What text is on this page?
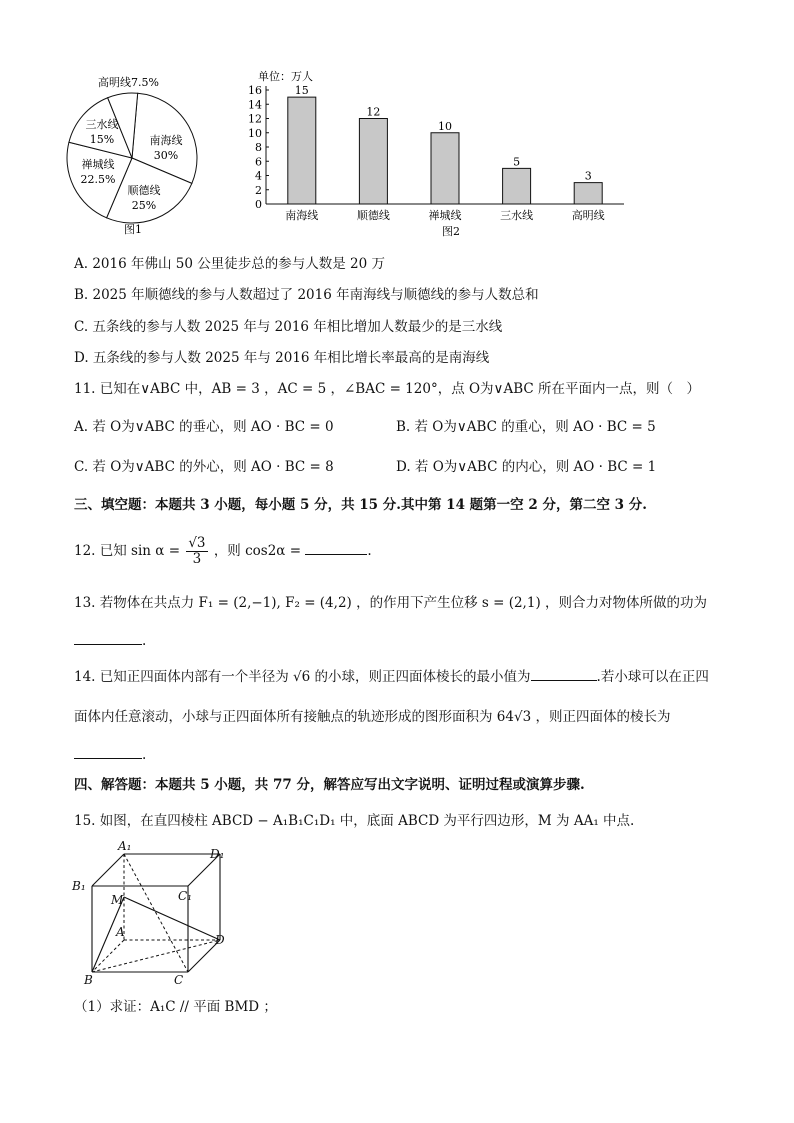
高明线7.5%
南海线
30%
三水线
15%
禅城线
22.5%
顺德线
25%
图1
单位：万人
0
2
4
6
8
10
12
14
16	15
南海线
12
顺德线
10
禅城线
5
三水线
3
高明线
图2
A. 2016 年佛山 50 公里徒步总的参与人数是 20 万
B. 2025 年顺德线的参与人数超过了 2016 年南海线与顺德线的参与人数总和
C. 五条线的参与人数 2025 年与 2016 年相比增加人数最少的是三水线
D. 五条线的参与人数 2025 年与 2016 年相比增长率最高的是南海线
11. 已知在∨ABC 中，AB = 3 ，AC = 5 ，∠BAC = 120°，点 O为∨ABC 所在平面内一点，则（　）
A. 若 O为∨ABC 的垂心，则 AO · BC = 0	B. 若 O为∨ABC 的重心，则 AO · BC = 5
C. 若 O为∨ABC 的外心，则 AO · BC = 8	D. 若 O为∨ABC 的内心，则 AO · BC = 1
三、填空题：本题共 3 小题，每小题 5 分，共 15 分.其中第 14 题第一空 2 分，第二空 3 分.
12. 已知 $\sin \alpha = \frac{√3}{3}$ ，则 cos2α =	.
13. 若物体在共点力 F₁ = (2,−1), F₂ = (4,2) ，的作用下产生位移 s = (2,1) ，则合力对物体所做的功为
.
14. 已知正四面体内部有一个半径为 √6 的小球，则正四面体棱长的最小值为	.若小球可以在正四
面体内任意滚动，小球与正四面体所有接触点的轨迹形成的图形面积为 64√3 ，则正四面体的棱长为
.
四、解答题：本题共 5 小题，共 77 分，解答应写出文字说明、证明过程或演算步骤.
15. 如图，在直四棱柱 ABCD − A₁B₁C₁D₁ 中，底面 ABCD 为平行四边形，M 为 AA₁ 中点.
A₁
D₁
B₁
C₁
M
A
D
B	C
（1）求证：A₁C // 平面 BMD ；
